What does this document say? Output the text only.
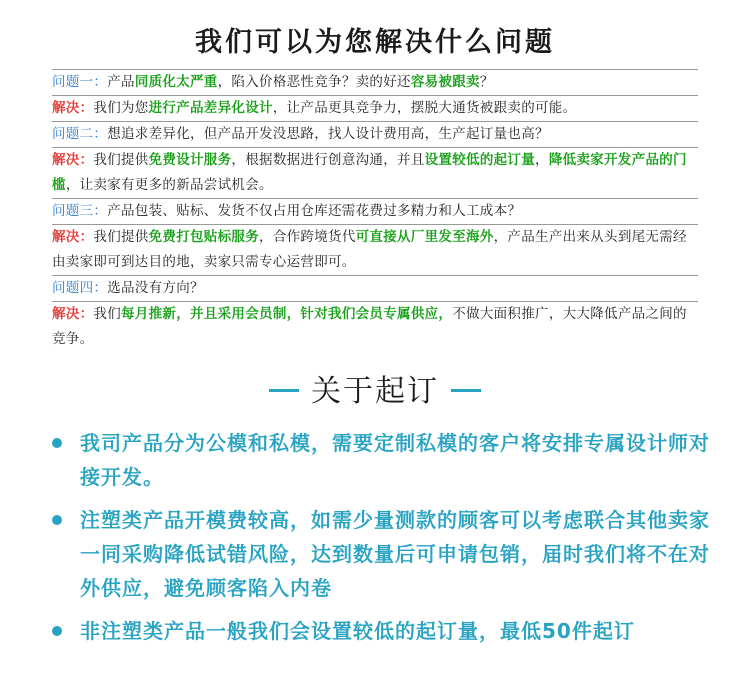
我们可以为您解决什么问题
问题一：产品同质化太严重，陷入价格恶性竞争？卖的好还容易被跟卖？
解决：我们为您进行产品差异化设计，让产品更具竞争力，摆脱大通货被跟卖的可能。
问题二：想追求差异化，但产品开发没思路，找人设计费用高，生产起订量也高？
解决：我们提供免费设计服务，根据数据进行创意沟通，并且设置较低的起订量，降低卖家开发产品的门槛，让卖家有更多的新品尝试机会。
问题三：产品包装、贴标、发货不仅占用仓库还需花费过多精力和人工成本？
解决：我们提供免费打包贴标服务，合作跨境货代可直接从厂里发至海外，产品生产出来从头到尾无需经由卖家即可到达目的地，卖家只需专心运营即可。
问题四：选品没有方向？
解决：我们每月推新，并且采用会员制，针对我们会员专属供应，不做大面积推广，大大降低产品之间的竞争。
关于起订
我司产品分为公模和私模，需要定制私模的客户将安排专属设计师对接开发。
注塑类产品开模费较高，如需少量测款的顾客可以考虑联合其他卖家一同采购降低试错风险，达到数量后可申请包销，届时我们将不在对外供应，避免顾客陷入内卷
非注塑类产品一般我们会设置较低的起订量，最低50件起订
